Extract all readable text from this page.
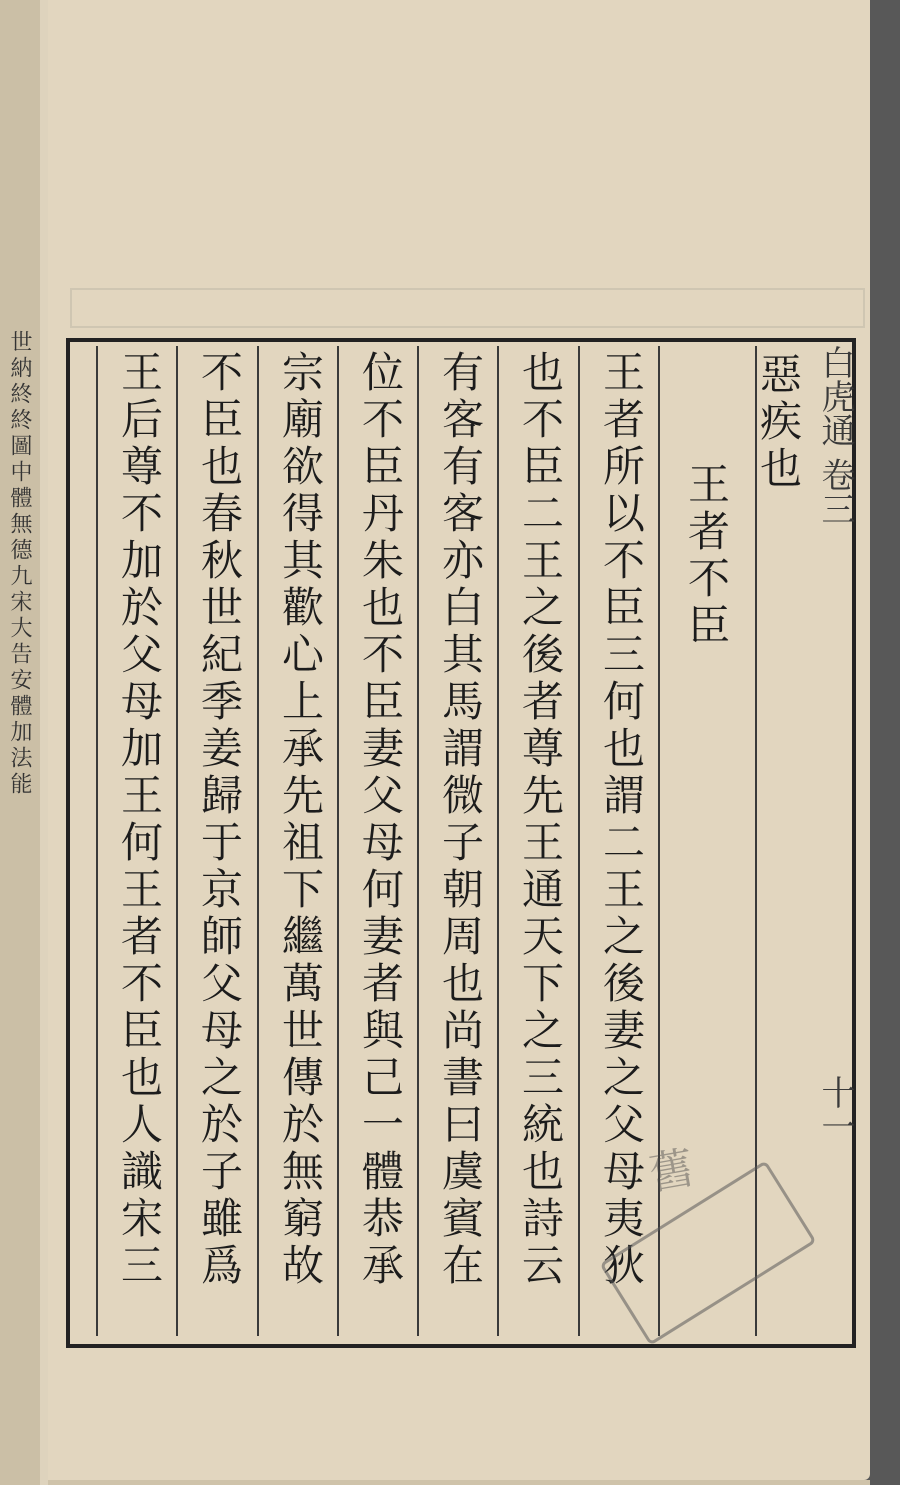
世納終終圖中體無德九宋大告安體加法能	白虎通 卷三
十一
惡疾也
王者不臣
王者所以不臣三何也謂二王之後妻之父母夷狄
也不臣二王之後者尊先王通天下之三統也詩云
有客有客亦白其馬謂微子朝周也尚書曰虞賓在
位不臣丹朱也不臣妻父母何妻者與己一體恭承
宗廟欲得其歡心上承先祖下繼萬世傳於無窮故
不臣也春秋世紀季姜歸于京師父母之於子雖爲
王后尊不加於父母加王何王者不臣也人識宋三	舊
